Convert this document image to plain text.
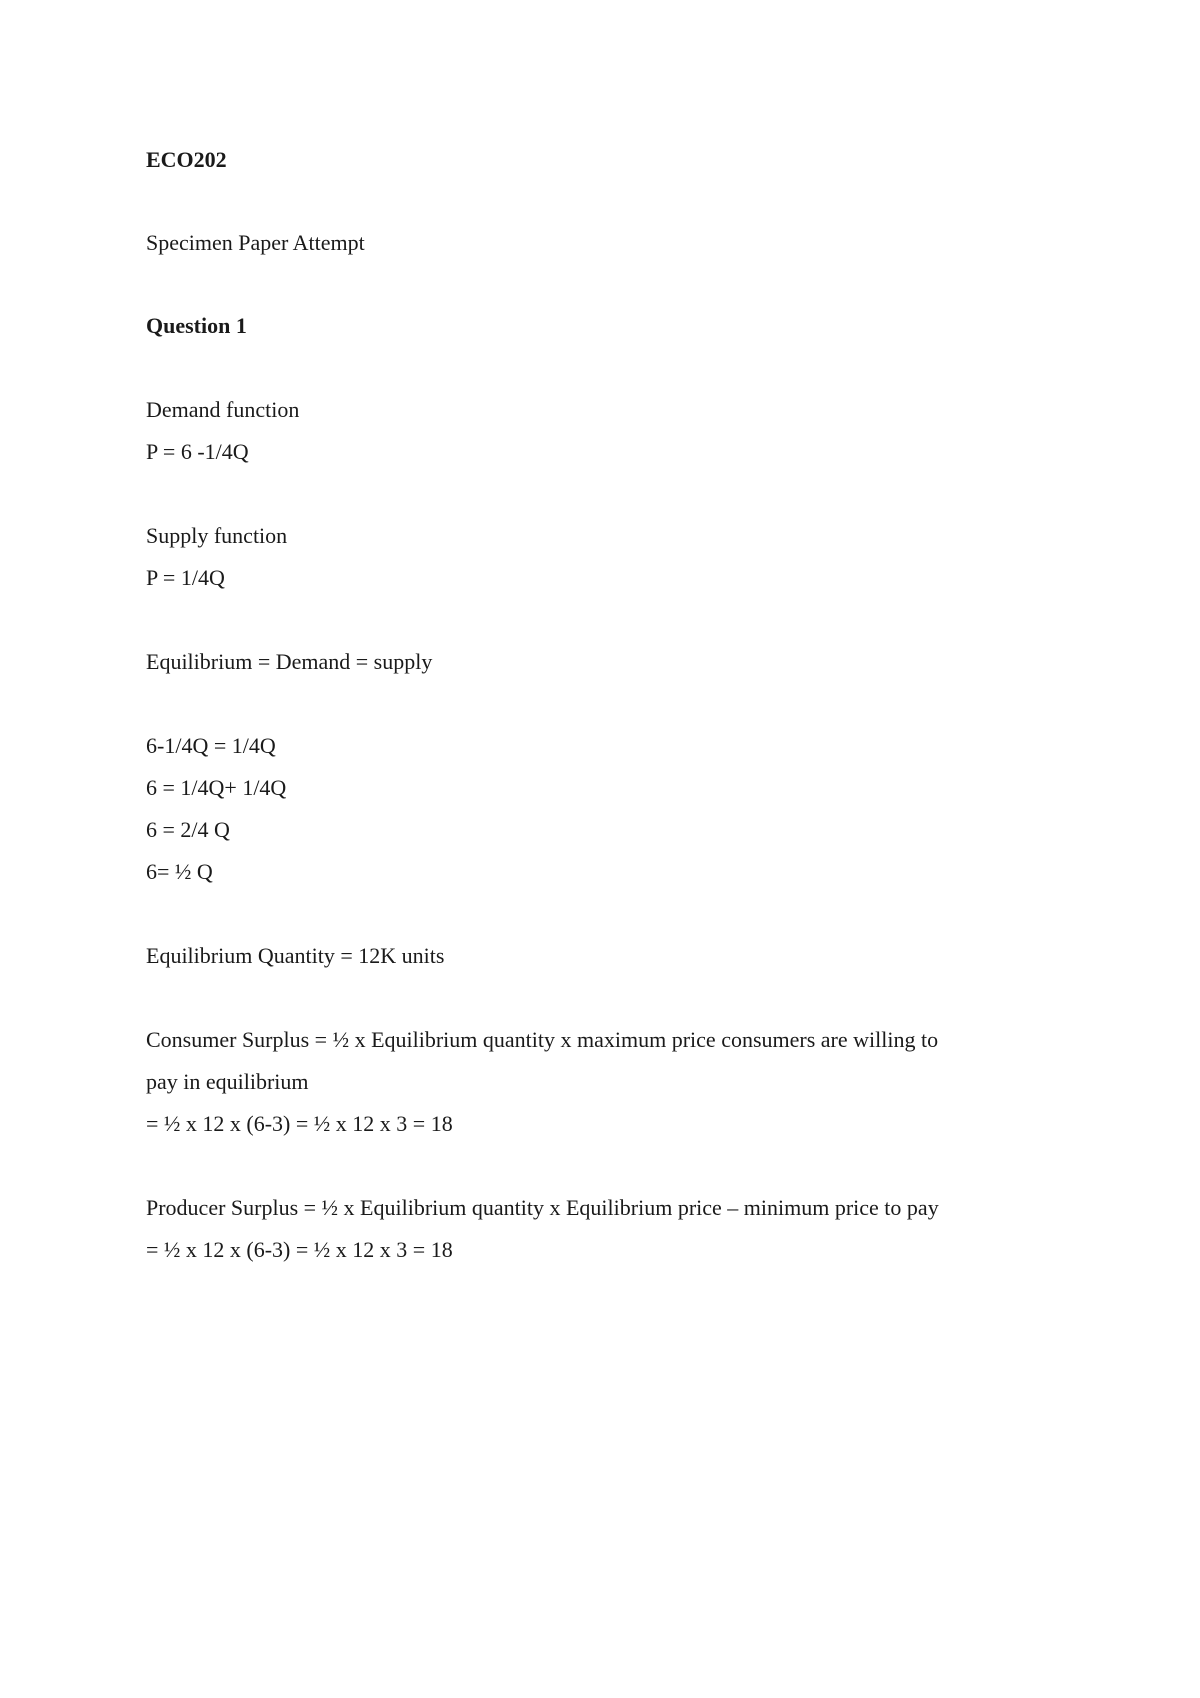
ECO202
Specimen Paper Attempt
Question 1
Demand function
P = 6 -1/4Q
Supply function
P = 1/4Q
Equilibrium = Demand = supply
6-1/4Q = 1/4Q
6 = 1/4Q+ 1/4Q
6 = 2/4 Q
6= ½ Q
Equilibrium Quantity = 12K units
Consumer Surplus = ½ x Equilibrium quantity x maximum price consumers are willing to
pay in equilibrium
= ½ x 12 x (6-3) = ½ x 12 x 3 = 18
Producer Surplus = ½ x Equilibrium quantity x Equilibrium price – minimum price to pay
= ½ x 12 x (6-3) = ½ x 12 x 3 = 18
